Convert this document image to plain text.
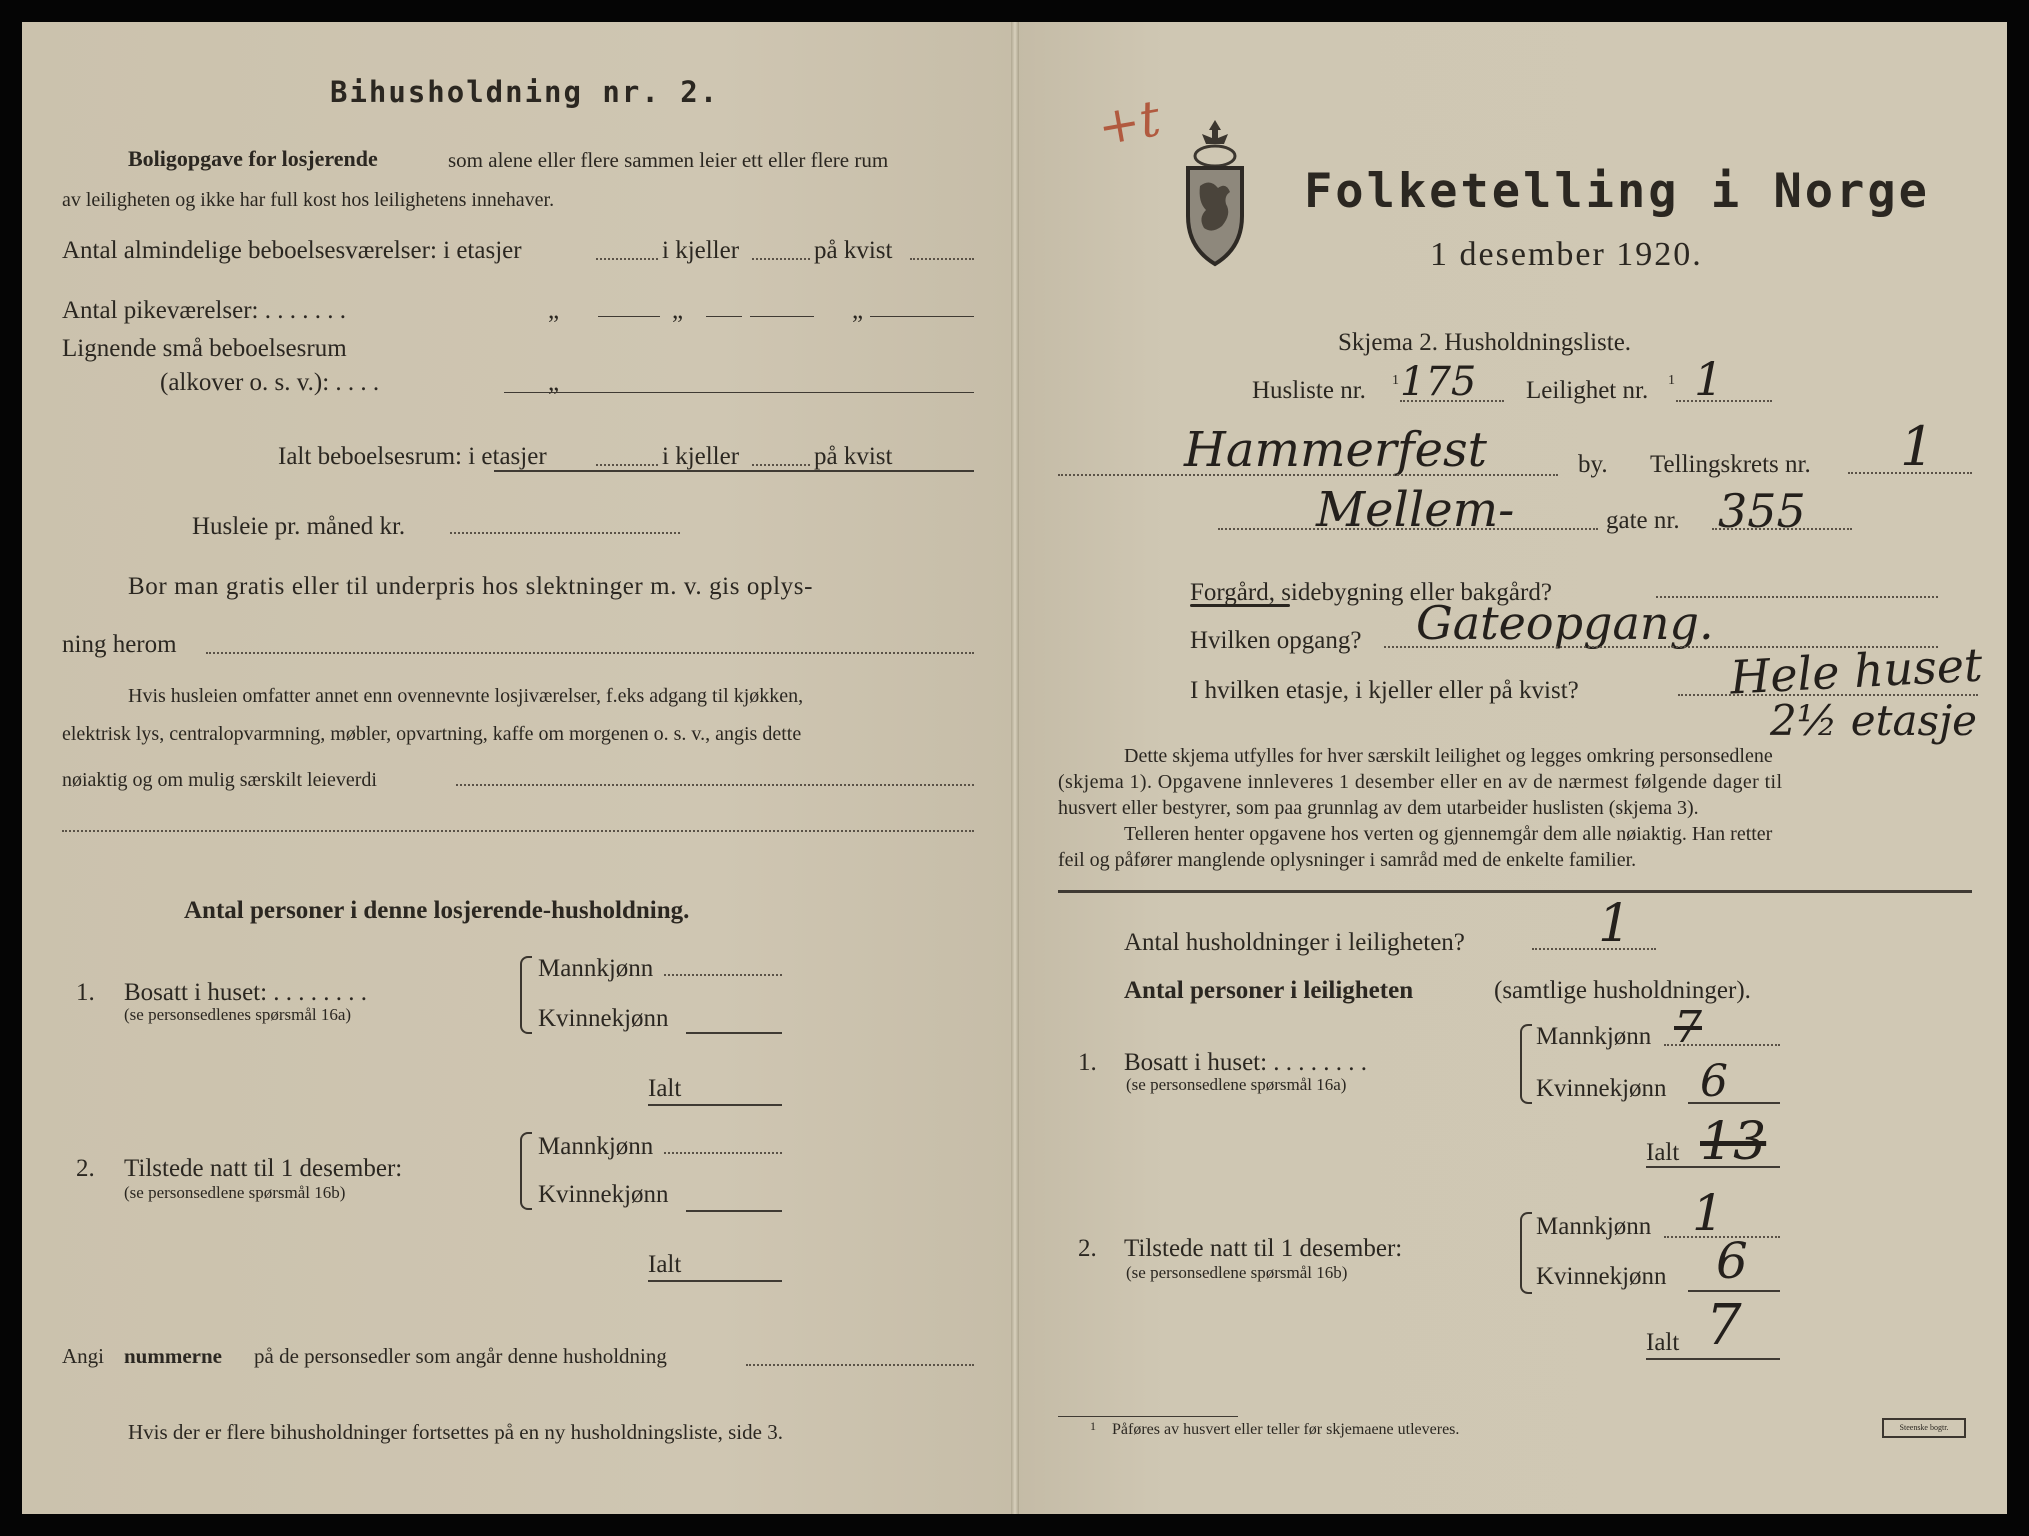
Bihusholdning nr. 2.
Boligopgave for losjerende	som alene eller flere sammen leier ett eller flere rum
av leiligheten og ikke har full kost hos leilighetens innehaver.
Antal almindelige beboelsesværelser: i etasjer	i kjeller	på kvist
Antal pikeværelser: . . . . . . .	„	„	„
Lignende små beboelsesrum
(alkover o. s. v.): . . . .	„
Ialt beboelsesrum: i etasjer	i kjeller	på kvist
Husleie pr. måned kr.
Bor man gratis eller til underpris hos slektninger m. v. gis oplys-
ning herom
Hvis husleien omfatter annet enn ovennevnte losjiværelser, f.eks adgang til kjøkken,
elektrisk lys, centralopvarmning, møbler, opvartning, kaffe om morgenen o. s. v., angis dette
nøiaktig og om mulig særskilt leieverdi
Antal personer i denne losjerende-husholdning.
1. Bosatt i huset: . . . . . . . .
(se personsedlenes spørsmål 16a)
Mannkjønn
Kvinnekjønn
Ialt
2. Tilstede natt til 1 desember:
(se personsedlene spørsmål 16b)
Mannkjønn
Kvinnekjønn
Ialt
Angi nummerne på de personsedler som angår denne husholdning
Hvis der er flere bihusholdninger fortsettes på en ny husholdningsliste, side 3.
+t
Folketelling i Norge
1 desember 1920.
Skjema 2. Husholdningsliste.
Husliste nr. 1 175 Leilighet nr. 1 1
Hammerfest	by. Tellingskrets nr. 1
Mellem-	gate nr. 355
Forgård, sidebygning eller bakgård?
Hvilken opgang? Gateopgang.
I hvilken etasje, i kjeller eller på kvist?	Hele huset
2½ etasje
Dette skjema utfylles for hver særskilt leilighet og legges omkring personsedlene
(skjema 1). Opgavene innleveres 1 desember eller en av de nærmest følgende dager til
husvert eller bestyrer, som paa grunnlag av dem utarbeider huslisten (skjema 3).
Telleren henter opgavene hos verten og gjennemgår dem alle nøiaktig. Han retter
feil og påfører manglende oplysninger i samråd med de enkelte familier.
Antal husholdninger i leiligheten?	1
Antal personer i leiligheten	(samtlige husholdninger).
1. Bosatt i huset: . . . . . . . .
(se personsedlene spørsmål 16a)
Mannkjønn 7
Kvinnekjønn 6
Ialt 13
2. Tilstede natt til 1 desember:
(se personsedlene spørsmål 16b)
Mannkjønn 1
Kvinnekjønn 6
Ialt 7
1 Påføres av husvert eller teller før skjemaene utleveres.	Steenske bogtr.
